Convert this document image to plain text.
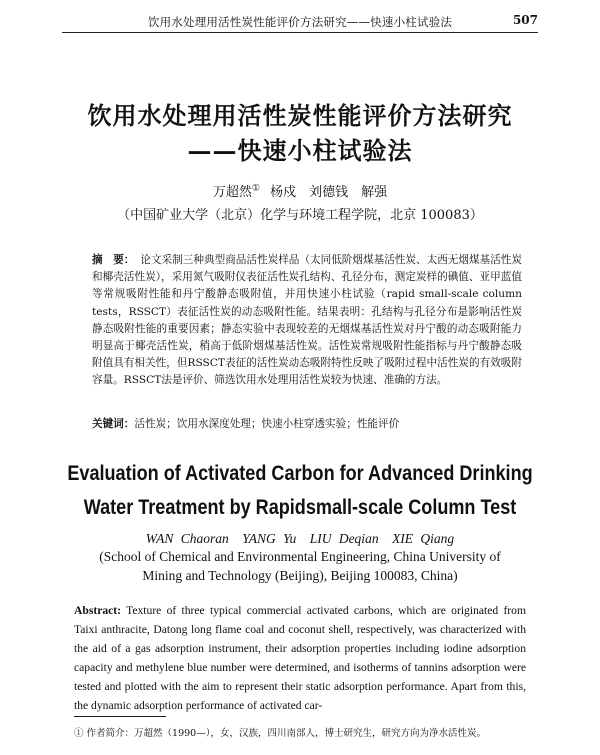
饮用水处理用活性炭性能评价方法研究——快速小柱试验法	507
饮用水处理用活性炭性能评价方法研究
——快速小柱试验法
万超然① 杨戍　刘德钱　解强
（中国矿业大学（北京）化学与环境工程学院，北京 100083）
摘　要： 论文采制三种典型商品活性炭样品（太同低阶烟煤基活性炭、太西无烟煤基活性炭和椰壳活性炭），采用氮气吸附仪表征活性炭孔结构、孔径分布，测定炭样的碘值、亚甲蓝值等常规吸附性能和丹宁酸静态吸附值，并用快速小柱试验（rapid small-scale column tests，RSSCT）表征活性炭的动态吸附性能。结果表明：孔结构与孔径分布是影响活性炭静态吸附性能的重要因素；静态实验中表现较差的无烟煤基活性炭对丹宁酸的动态吸附能力明显高于椰壳活性炭，稍高于低阶烟煤基活性炭。活性炭常规吸附性能指标与丹宁酸静态吸附值具有相关性，但RSSCT表征的活性炭动态吸附特性反映了吸附过程中活性炭的有效吸附容量。RSSCT法是评价、筛选饮用水处理用活性炭较为快速、准确的方法。
关键词：活性炭；饮用水深度处理；快速小柱穿透实验；性能评价
Evaluation of Activated Carbon for Advanced Drinking
Water Treatment by Rapidsmall-scale Column Test
WAN Chaoran　YANG Yu　LIU Deqian　XIE Qiang
(School of Chemical and Environmental Engineering, China University of
Mining and Technology (Beijing), Beijing 100083, China)
Abstract: Texture of three typical commercial activated carbons, which are originated from Taixi anthracite, Datong long flame coal and coconut shell, respectively, was characterized with the aid of a gas adsorption instrument, their adsorption properties including iodine adsorption capacity and methylene blue number were determined, and isotherms of tannins adsorption were tested and plotted with the aim to represent their static adsorption performance. Apart from this, the dynamic adsorption performance of activated car-
① 作者简介：万超然（1990—），女，汉族，四川南部人，博士研究生，研究方向为净水活性炭。
